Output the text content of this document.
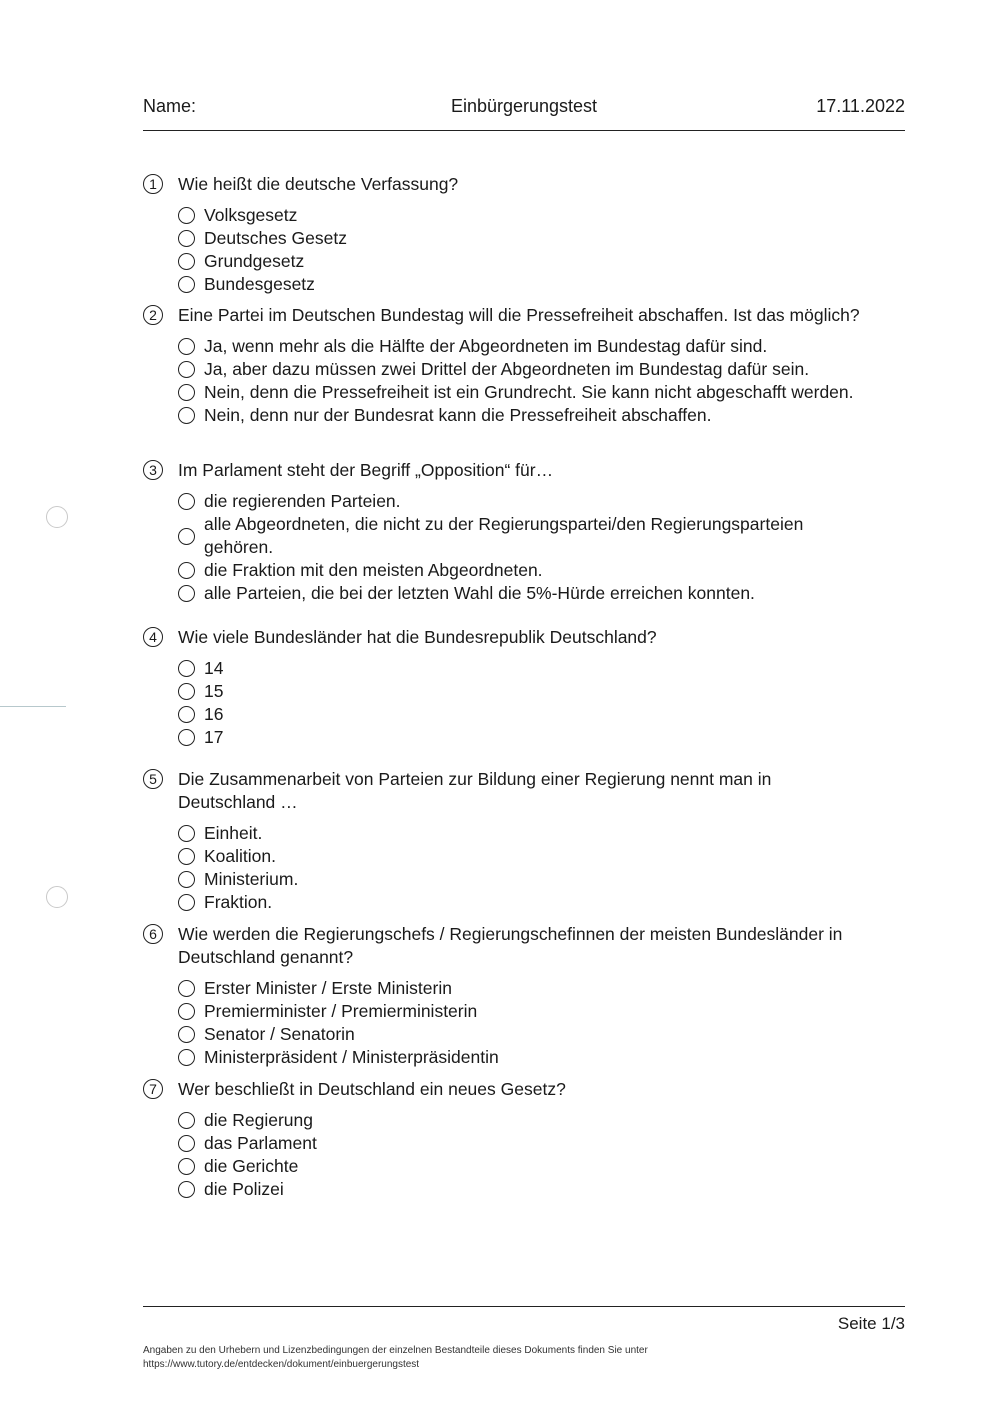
Name:	Einbürgerungstest	17.11.2022
1	Wie heißt die deutsche Verfassung?
Volksgesetz
Deutsches Gesetz
Grundgesetz
Bundesgesetz
2	Eine Partei im Deutschen Bundestag will die Pressefreiheit abschaffen. Ist das möglich?
Ja, wenn mehr als die Hälfte der Abgeordneten im Bundestag dafür sind.
Ja, aber dazu müssen zwei Drittel der Abgeordneten im Bundestag dafür sein.
Nein, denn die Pressefreiheit ist ein Grundrecht. Sie kann nicht abgeschafft werden.
Nein, denn nur der Bundesrat kann die Pressefreiheit abschaffen.
3	Im Parlament steht der Begriff „Opposition“ für…
die regierenden Parteien.
alle Abgeordneten, die nicht zu der Regierungspartei/den Regierungsparteien gehören.
die Fraktion mit den meisten Abgeordneten.
alle Parteien, die bei der letzten Wahl die 5%-Hürde erreichen konnten.
4	Wie viele Bundesländer hat die Bundesrepublik Deutschland?
14
15
16
17
5	Die Zusammenarbeit von Parteien zur Bildung einer Regierung nennt man in Deutschland …
Einheit.
Koalition.
Ministerium.
Fraktion.
6	Wie werden die Regierungschefs / Regierungschefinnen der meisten Bundesländer in Deutschland genannt?
Erster Minister / Erste Ministerin
Premierminister / Premierministerin
Senator / Senatorin
Ministerpräsident / Ministerpräsidentin
7	Wer beschließt in Deutschland ein neues Gesetz?
die Regierung
das Parlament
die Gerichte
die Polizei
Seite 1/3
Angaben zu den Urhebern und Lizenzbedingungen der einzelnen Bestandteile dieses Dokuments finden Sie unter
https://www.tutory.de/entdecken/dokument/einbuergerungstest
